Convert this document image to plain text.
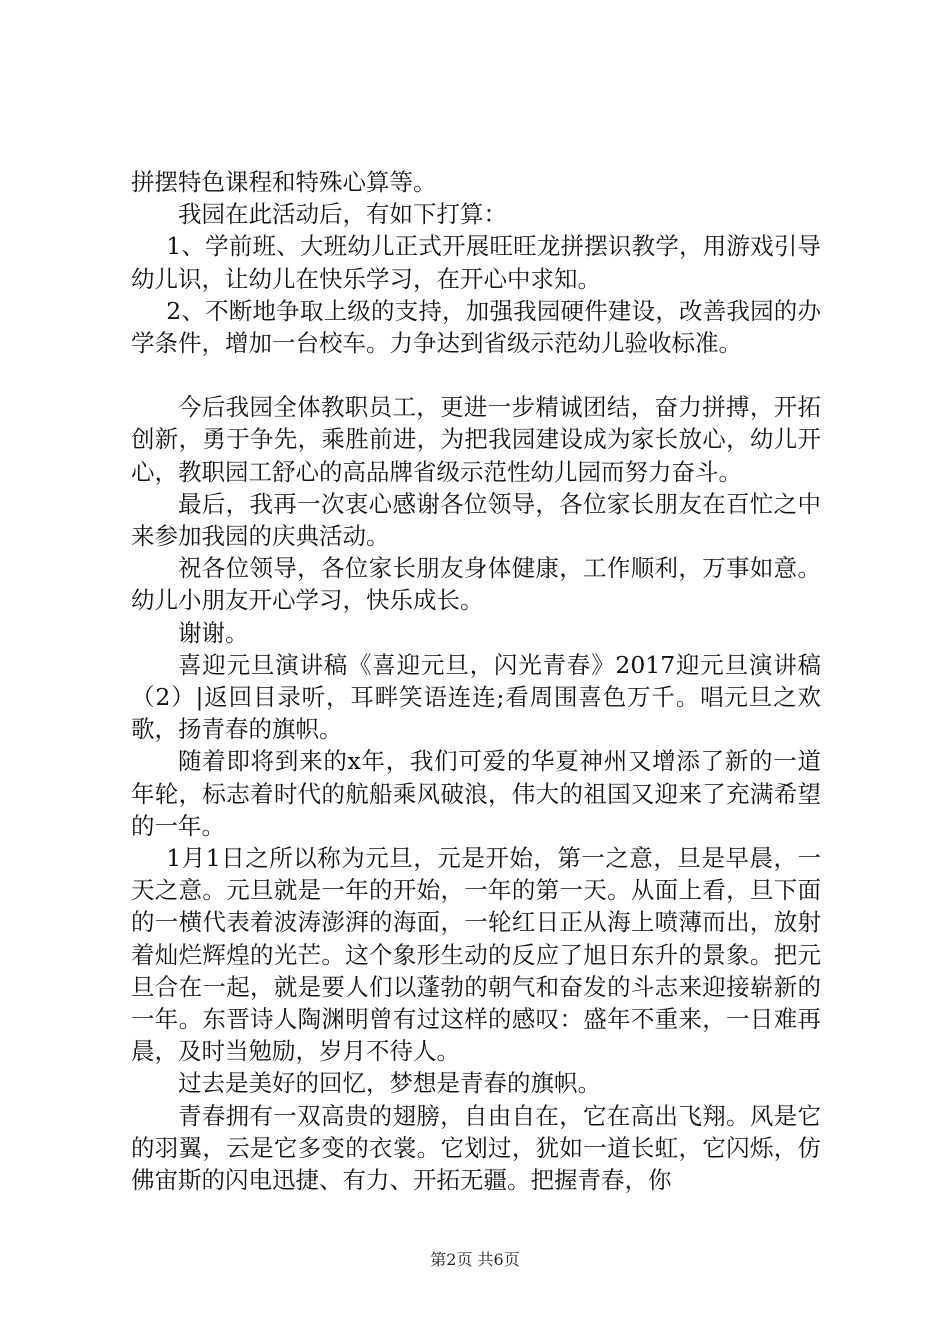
拼摆特色课程和特殊心算等。

我园在此活动后，有如下打算：

1、学前班、大班幼儿正式开展旺旺龙拼摆识教学，用游戏引导幼儿识，让幼儿在快乐学习，在开心中求知。

2、不断地争取上级的支持，加强我园硬件建设，改善我园的办学条件，增加一台校车。力争达到省级示范幼儿验收标准。

今后我园全体教职员工，更进一步精诚团结，奋力拼搏，开拓创新，勇于争先，乘胜前进，为把我园建设成为家长放心，幼儿开心，教职园工舒心的高品牌省级示范性幼儿园而努力奋斗。

最后，我再一次衷心感谢各位领导，各位家长朋友在百忙之中来参加我园的庆典活动。

祝各位领导，各位家长朋友身体健康，工作顺利，万事如意。幼儿小朋友开心学习，快乐成长。

谢谢。

喜迎元旦演讲稿《喜迎元旦，闪光青春》2017迎元旦演讲稿（2）|返回目录听，耳畔笑语连连;看周围喜色万千。唱元旦之欢歌，扬青春的旗帜。

随着即将到来的x年，我们可爱的华夏神州又增添了新的一道年轮，标志着时代的航船乘风破浪，伟大的祖国又迎来了充满希望的一年。

1月1日之所以称为元旦，元是开始，第一之意，旦是早晨，一天之意。元旦就是一年的开始，一年的第一天。从面上看，旦下面的一横代表着波涛澎湃的海面，一轮红日正从海上喷薄而出，放射着灿烂辉煌的光芒。这个象形生动的反应了旭日东升的景象。把元旦合在一起，就是要人们以蓬勃的朝气和奋发的斗志来迎接崭新的一年。东晋诗人陶渊明曾有过这样的感叹：盛年不重来，一日难再晨，及时当勉励，岁月不待人。

过去是美好的回忆，梦想是青春的旗帜。

青春拥有一双高贵的翅膀，自由自在，它在高出飞翔。风是它的羽翼，云是它多变的衣裳。它划过，犹如一道长虹，它闪烁，仿佛宙斯的闪电迅捷、有力、开拓无疆。把握青春，你

第2页 共6页
